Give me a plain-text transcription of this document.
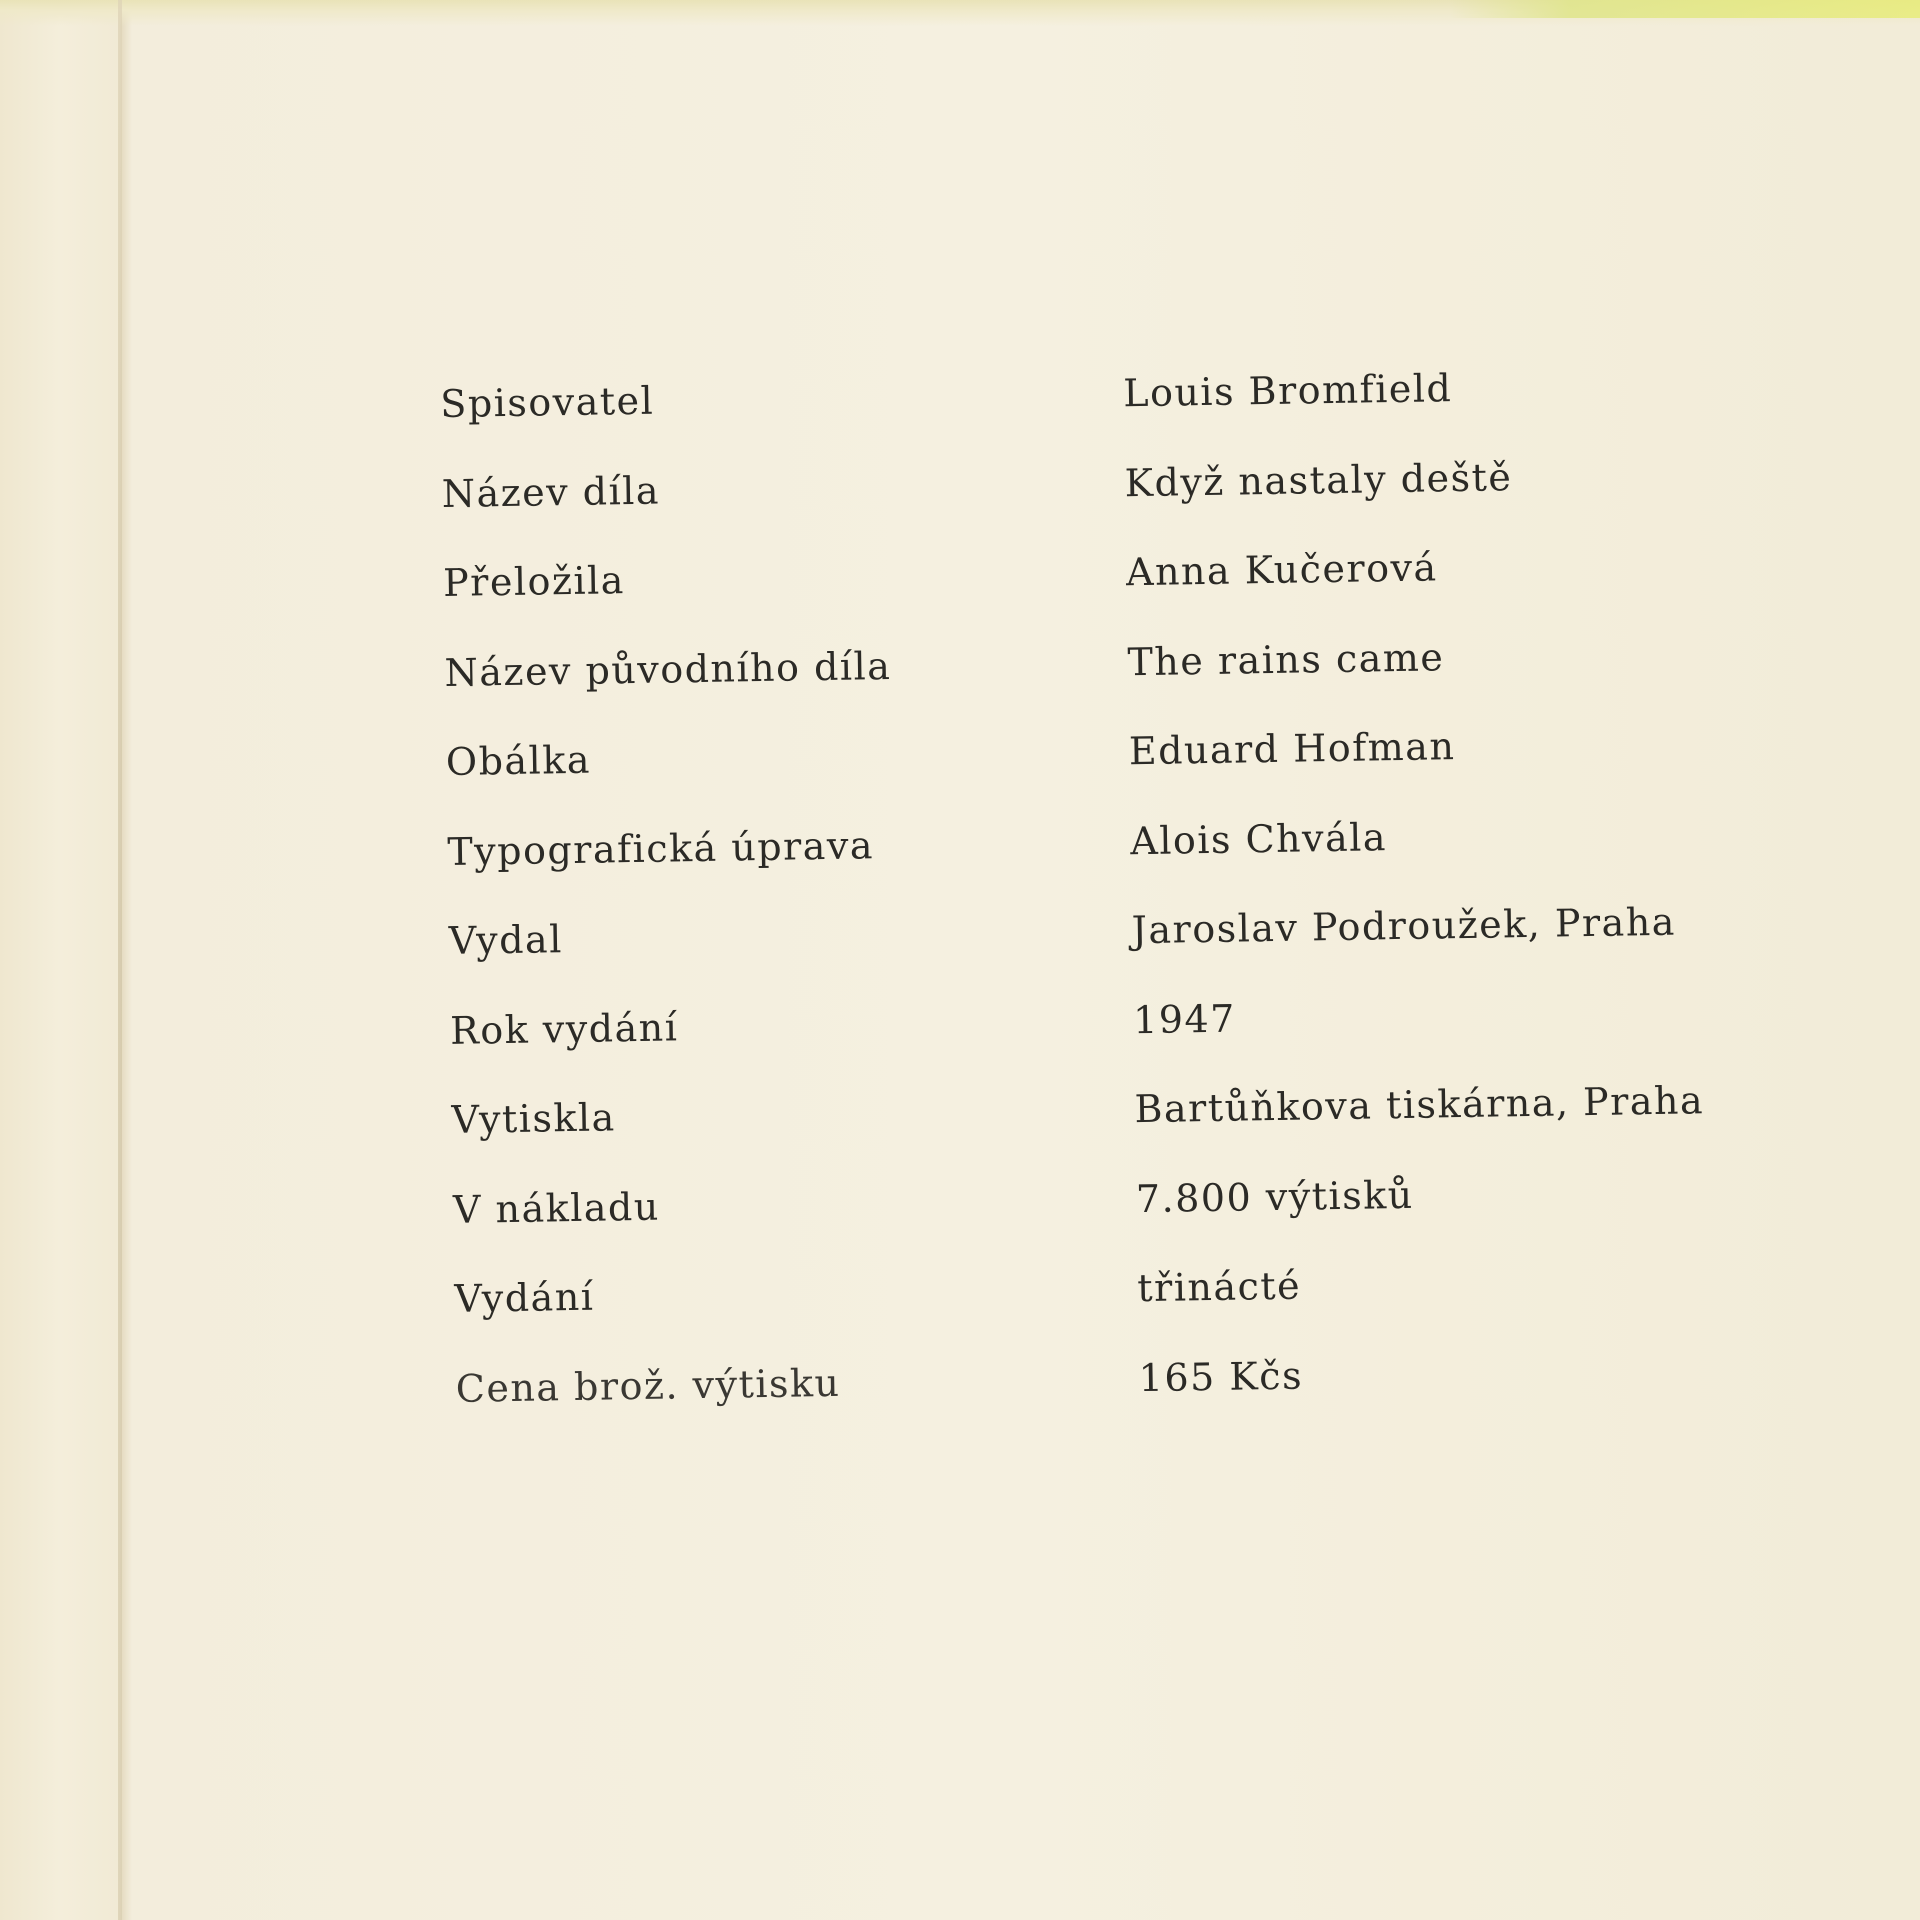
Spisovatel	Louis Bromfield
Název díla	Když nastaly deště
Přeložila	Anna Kučerová
Název původního díla	The rains came
Obálka	Eduard Hofman
Typografická úprava	Alois Chvála
Vydal	Jaroslav Podroužek, Praha
Rok vydání	1947
Vytiskla	Bartůňkova tiskárna, Praha
V nákladu	7.800 výtisků
Vydání	třinácté
Cena brož. výtisku	165 Kčs
